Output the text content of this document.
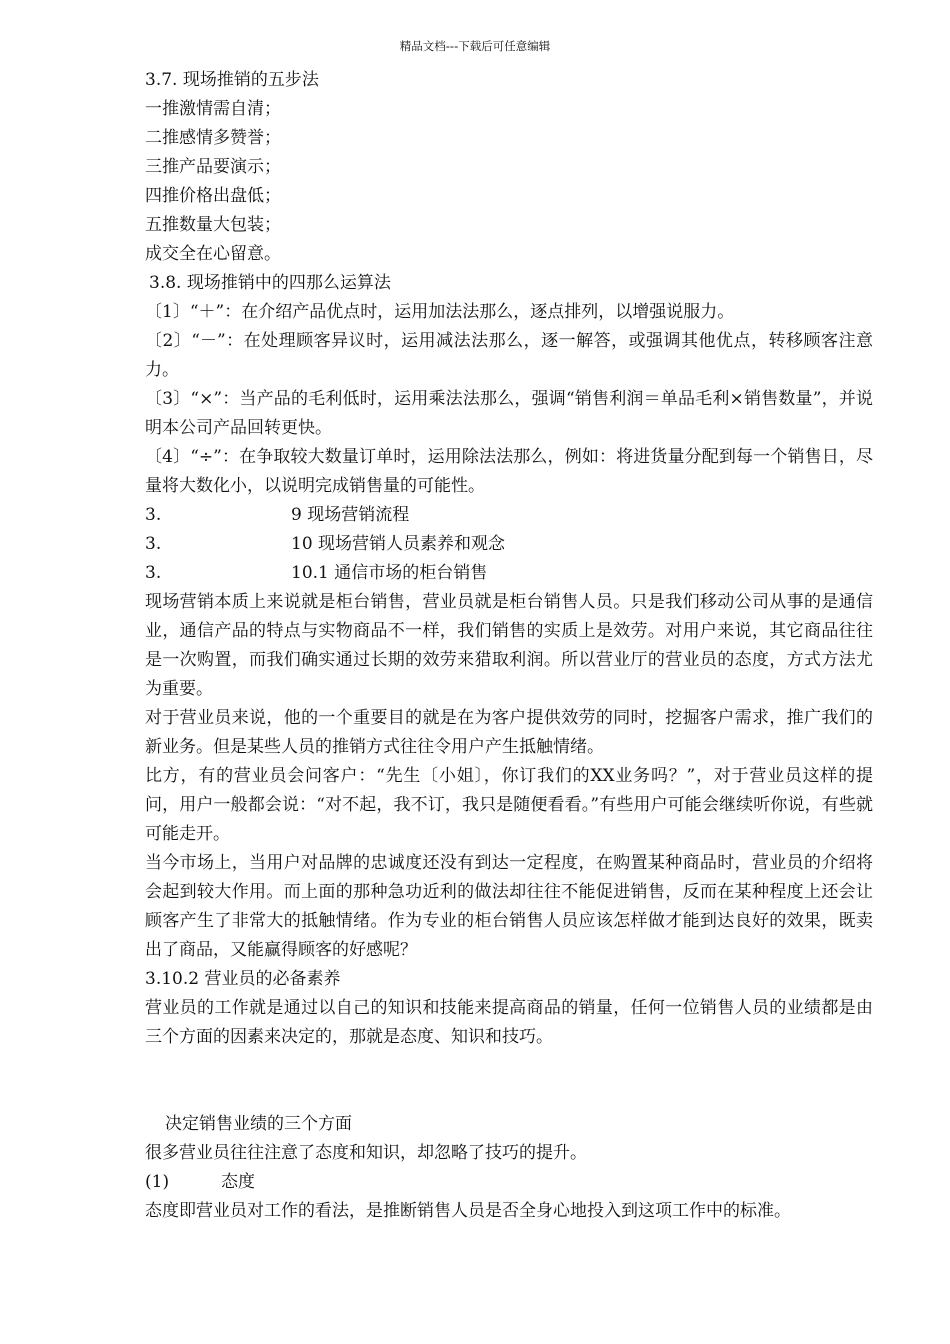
精品文档---下载后可任意编辑

3.7. 现场推销的五步法

一推激情需自清；

二推感情多赞誉；

三推产品要演示；

四推价格出盘低；

五推数量大包装；

成交全在心留意。

3.8. 现场推销中的四那么运算法

〔1〕“＋”：在介绍产品优点时，运用加法法那么，逐点排列，以增强说服力。

〔2〕“－”：在处理顾客异议时，运用减法法那么，逐一解答，或强调其他优点，转移顾客注意力。

〔3〕“×”：当产品的毛利低时，运用乘法法那么，强调“销售利润＝单品毛利×销售数量”，并说明本公司产品回转更快。

〔4〕“÷”：在争取较大数量订单时，运用除法法那么，例如：将进货量分配到每一个销售日，尽量将大数化小，以说明完成销售量的可能性。

3.	9 现场营销流程

3.	10 现场营销人员素养和观念

3.	10.1 通信市场的柜台销售

现场营销本质上来说就是柜台销售，营业员就是柜台销售人员。只是我们移动公司从事的是通信业，通信产品的特点与实物商品不一样，我们销售的实质上是效劳。对用户来说，其它商品往往是一次购置，而我们确实通过长期的效劳来猎取利润。所以营业厅的营业员的态度，方式方法尤为重要。

对于营业员来说，他的一个重要目的就是在为客户提供效劳的同时，挖掘客户需求，推广我们的新业务。但是某些人员的推销方式往往令用户产生抵触情绪。

比方，有的营业员会问客户：“先生〔小姐〕，你订我们的XX业务吗？”，对于营业员这样的提问，用户一般都会说：“对不起，我不订，我只是随便看看。”有些用户可能会继续听你说，有些就可能走开。

当今市场上，当用户对品牌的忠诚度还没有到达一定程度，在购置某种商品时，营业员的介绍将会起到较大作用。而上面的那种急功近利的做法却往往不能促进销售，反而在某种程度上还会让顾客产生了非常大的抵触情绪。作为专业的柜台销售人员应该怎样做才能到达良好的效果，既卖出了商品，又能赢得顾客的好感呢？

3.10.2 营业员的必备素养

营业员的工作就是通过以自己的知识和技能来提高商品的销量，任何一位销售人员的业绩都是由三个方面的因素来决定的，那就是态度、知识和技巧。

决定销售业绩的三个方面

很多营业员往往注意了态度和知识，却忽略了技巧的提升。

(1)	态度

态度即营业员对工作的看法，是推断销售人员是否全身心地投入到这项工作中的标准。
